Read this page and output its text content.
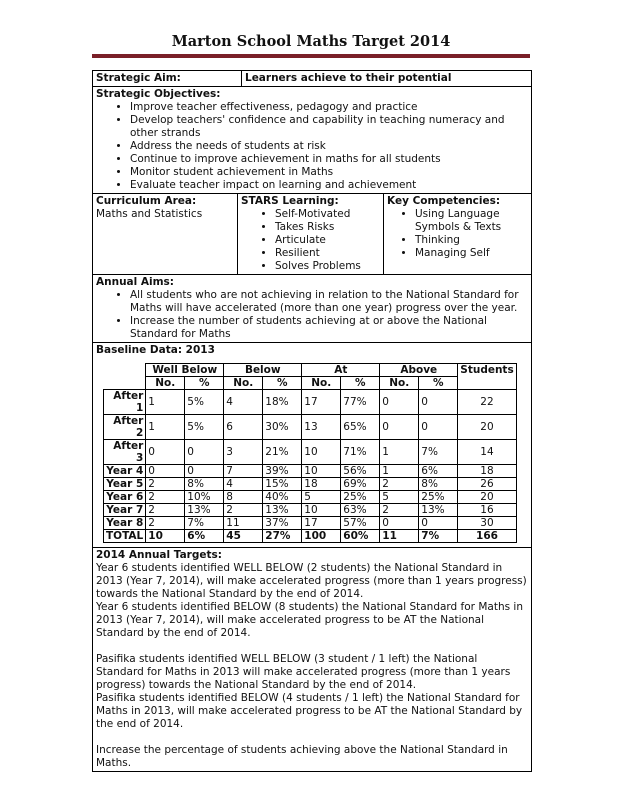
Marton School Maths Target 2014
Strategic Aim:	Learners achieve to their potential
Strategic Objectives:
• Improve teacher effectiveness, pedagogy and practice
• Develop teachers' confidence and capability in teaching numeracy and other strands
• Address the needs of students at risk
• Continue to improve achievement in maths for all students
• Monitor student achievement in Maths
• Evaluate teacher impact on learning and achievement
Curriculum Area:
Maths and Statistics
STARS Learning:
• Self-Motivated
• Takes Risks
• Articulate
• Resilient
• Solves Problems
Key Competencies:
• Using Language Symbols & Texts
• Thinking
• Managing Self
Annual Aims:
• All students who are not achieving in relation to the National Standard for Maths will have accelerated (more than one year) progress over the year.
• Increase the number of students achieving at or above the National Standard for Maths
Baseline Data: 2013
	Well Below		Below		At		Above		Students
	No.	%	No.	%	No.	%	No.	%	
After 1	1	5%	4	18%	17	77%	0	0	22
After 2	1	5%	6	30%	13	65%	0	0	20
After 3	0	0	3	21%	10	71%	1	7%	14
Year 4	0	0	7	39%	10	56%	1	6%	18
Year 5	2	8%	4	15%	18	69%	2	8%	26
Year 6	2	10%	8	40%	5	25%	5	25%	20
Year 7	2	13%	2	13%	10	63%	2	13%	16
Year 8	2	7%	11	37%	17	57%	0	0	30
TOTAL	10	6%	45	27%	100	60%	11	7%	166
2014 Annual Targets:

Year 6 students identified WELL BELOW (2 students) the National Standard in 2013 (Year 7, 2014), will make accelerated progress (more than 1 years progress) towards the National Standard by the end of 2014.

Year 6 students identified BELOW (8 students) the National Standard for Maths in 2013 (Year 7, 2014), will make accelerated progress to be AT the National Standard by the end of 2014.

Pasifika students identified WELL BELOW (3 student / 1 left) the National Standard for Maths in 2013 will make accelerated progress (more than 1 years progress) towards the National Standard by the end of 2014.

Pasifika students identified BELOW (4 students / 1 left) the National Standard for Maths in 2013, will make accelerated progress to be AT the National Standard by the end of 2014.

Increase the percentage of students achieving above the National Standard in Maths.
